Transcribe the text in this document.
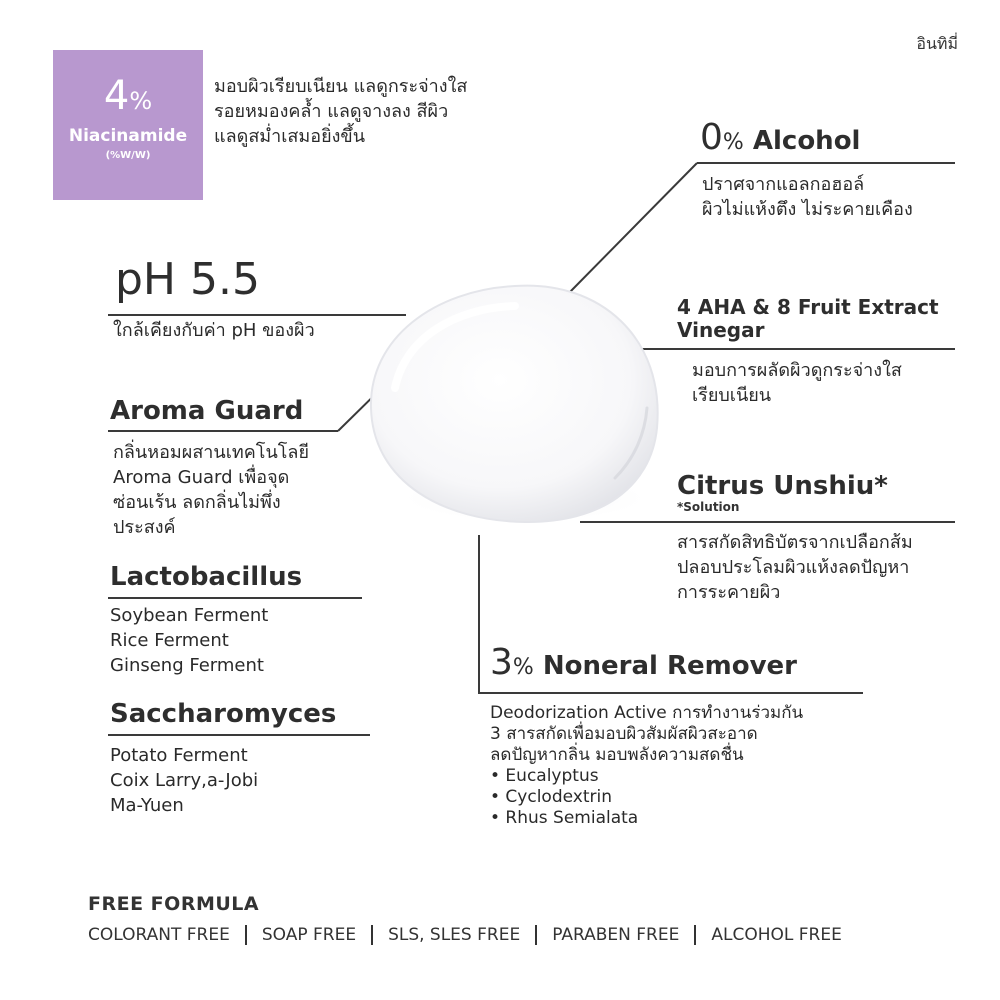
อินทิมี่
4%
Niacinamide
(%W/W)
มอบผิวเรียบเนียน แลดูกระจ่างใส
รอยหมองคล้ำ แลดูจางลง สีผิว
แลดูสม่ำเสมอยิ่งขึ้น	0% Alcohol
ปราศจากแอลกอฮอล์
ผิวไม่แห้งตึง ไม่ระคายเคือง
pH 5.5
ใกล้เคียงกับค่า pH ของผิว
4 AHA & 8 Fruit Extract
Vinegar
มอบการผลัดผิวดูกระจ่างใส
เรียบเนียน
Aroma Guard
กลิ่นหอมผสานเทคโนโลยี
Aroma Guard เพื่อจุด
ซ่อนเร้น ลดกลิ่นไม่พึ่ง
ประสงค์
Citrus Unshiu*
*Solution
สารสกัดสิทธิบัตรจากเปลือกส้ม
ปลอบประโลมผิวแห้งลดปัญหา
การระคายผิว
Lactobacillus
Soybean Ferment
Rice Ferment
Ginseng Ferment
Saccharomyces
Potato Ferment
Coix Larry,a-Jobi
Ma-Yuen
3% Noneral Remover
Deodorization Active การทำงานร่วมกัน
3 สารสกัดเพื่อมอบผิวสัมผัสผิวสะอาด
ลดปัญหากลิ่น มอบพลังความสดชื่น
• Eucalyptus
• Cyclodextrin
• Rhus Semialata
FREE FORMULA
COLORANT FREE SOAP FREE SLS, SLES FREE PARABEN FREE ALCOHOL FREE
